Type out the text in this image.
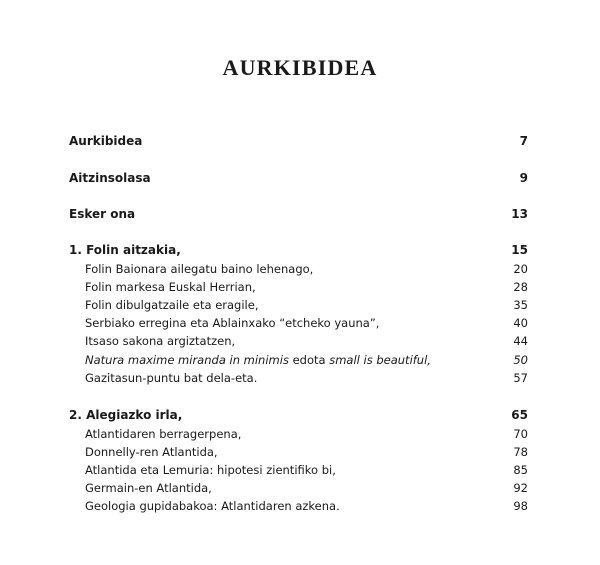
AURKIBIDEA
Aurkibidea	7
Aitzinsolasa	9
Esker ona	13
1. Folin aitzakia,	15
Folin Baionara ailegatu baino lehenago,	20
Folin markesa Euskal Herrian,	28
Folin dibulgatzaile eta eragile,	35
Serbiako erregina eta Ablainxako “etcheko yauna”,	40
Itsaso sakona argiztatzen,	44
Natura maxime miranda in minimis edota small is beautiful,	50
Gazitasun-puntu bat dela-eta.	57
2. Alegiazko irla,	65
Atlantidaren berragerpena,	70
Donnelly-ren Atlantida,	78
Atlantida eta Lemuria: hipotesi zientifiko bi,	85
Germain-en Atlantida,	92
Geologia gupidabakoa: Atlantidaren azkena.	98
